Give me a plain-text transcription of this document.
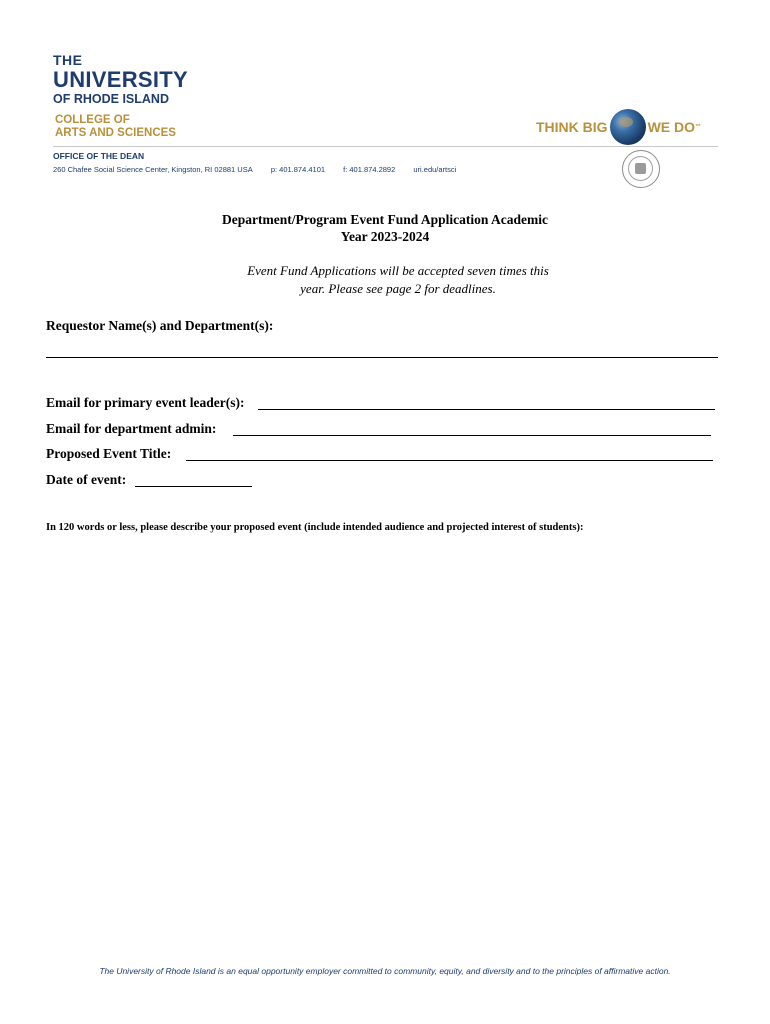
THE
UNIVERSITY
OF RHODE ISLAND
COLLEGE OF
ARTS AND SCIENCES	THINK BIG	WE DO ™
OFFICE OF THE DEAN
260 Chafee Social Science Center, Kingston, RI 02881 USA p: 401.874.4101 f: 401.874.2892 uri.edu/artsci
Department/Program Event Fund Application Academic
Year 2023-2024
Event Fund Applications will be accepted seven times this
year. Please see page 2 for deadlines.
Requestor Name(s) and Department(s):
Email for primary event leader(s):
Email for department admin:
Proposed Event Title:
Date of event:
In 120 words or less, please describe your proposed event (include intended audience and projected interest of students):
The University of Rhode Island is an equal opportunity employer committed to community, equity, and diversity and to the principles of affirmative action.
